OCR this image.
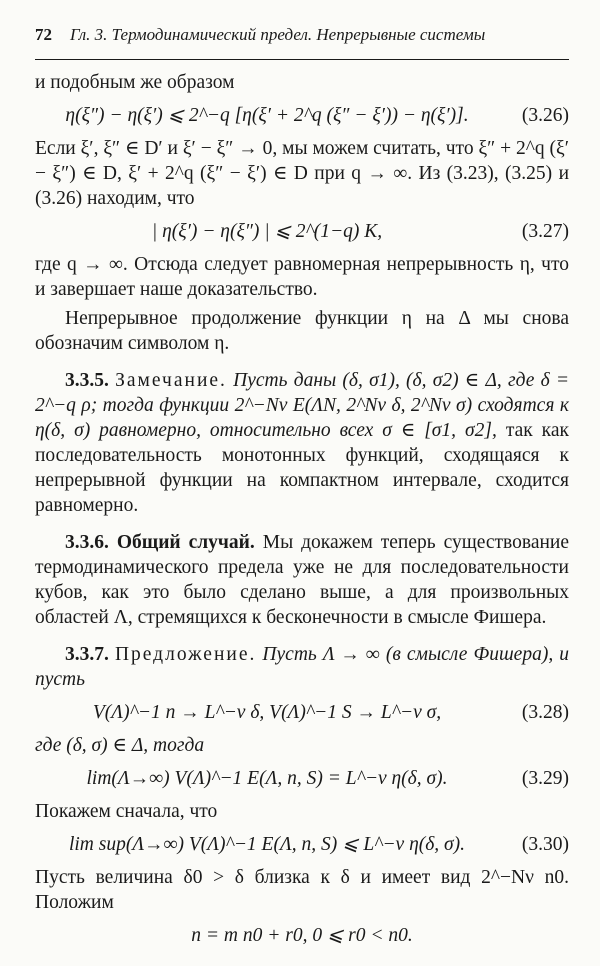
72 Гл. 3. Термодинамический предел. Непрерывные системы

и подобным же образом

η(ξ″) − η(ξ′) ⩽ 2^−q [η(ξ′ + 2^q (ξ″ − ξ′)) − η(ξ′)].	(3.26)

Если ξ′, ξ″ ∈ D′ и ξ′ − ξ″ → 0, мы можем считать, что ξ″ + 2^q (ξ′ − ξ″) ∈ D, ξ′ + 2^q (ξ″ − ξ′) ∈ D при q → ∞. Из (3.23), (3.25) и (3.26) находим, что

| η(ξ′) − η(ξ″) | ⩽ 2^(1−q) K,	(3.27)

где q → ∞. Отсюда следует равномерная непрерывность η, что и завершает наше доказательство.

Непрерывное продолжение функции η на Δ мы снова обозначим символом η.

3.3.5. Замечание. Пусть даны (δ, σ1), (δ, σ2) ∈ Δ, где δ = 2^−q ρ; тогда функции 2^−Nν E(ΛN, 2^Nν δ, 2^Nν σ) сходятся к η(δ, σ) равномерно, относительно всех σ ∈ [σ1, σ2], так как последовательность монотонных функций, сходящаяся к непрерывной функции на компактном интервале, сходится равномерно.

3.3.6. Общий случай. Мы докажем теперь существование термодинамического предела уже не для последовательности кубов, как это было сделано выше, а для произвольных областей Λ, стремящихся к бесконечности в смысле Фишера.

3.3.7. Предложение. Пусть Λ → ∞ (в смысле Фишера), и пусть

V(Λ)^−1 n → L^−ν δ, V(Λ)^−1 S → L^−ν σ,	(3.28)

где (δ, σ) ∈ Δ, тогда

lim(Λ→∞) V(Λ)^−1 E(Λ, n, S) = L^−ν η(δ, σ).	(3.29)

Покажем сначала, что

lim sup(Λ→∞) V(Λ)^−1 E(Λ, n, S) ⩽ L^−ν η(δ, σ).	(3.30)

Пусть величина δ0 > δ близка к δ и имеет вид 2^−Nν n0. Положим

n = m n0 + r0, 0 ⩽ r0 < n0.
